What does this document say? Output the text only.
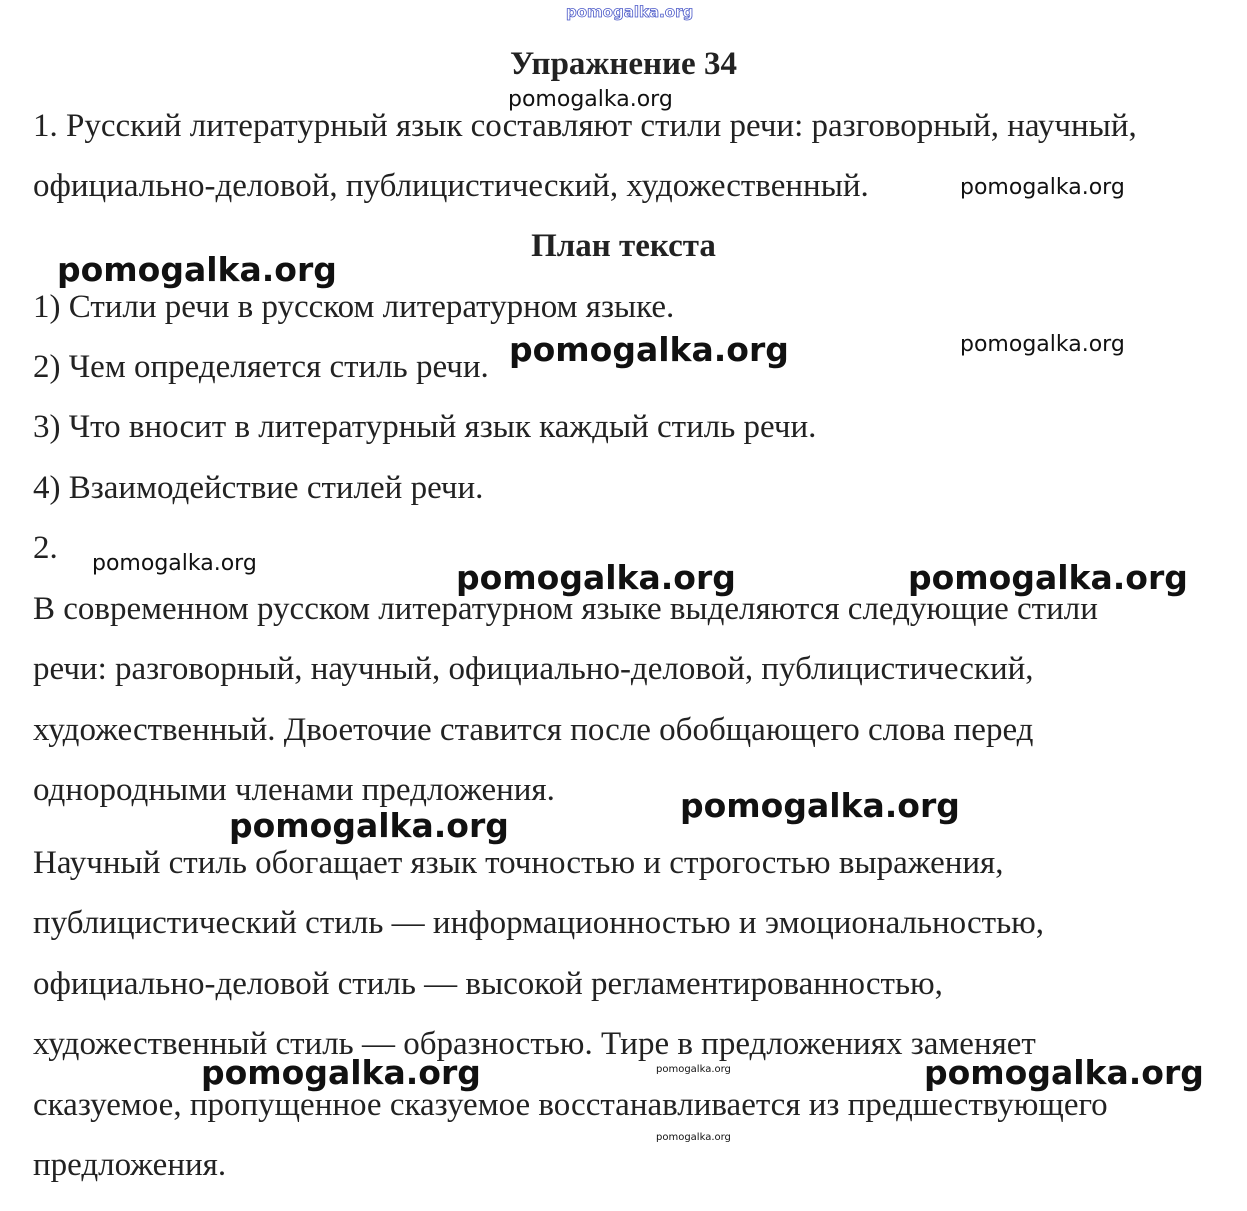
Упражнение 34

1. Русский литературный язык составляют стили речи: разговорный, научный,

официально-деловой, публицистический, художественный.

План текста

1) Стили речи в русском литературном языке.

2) Чем определяется стиль речи.

3) Что вносит в литературный язык каждый стиль речи.

4) Взаимодействие стилей речи.

2.

В современном русском литературном языке выделяются следующие стили

речи: разговорный, научный, официально-деловой, публицистический,

художественный. Двоеточие ставится после обобщающего слова перед

однородными членами предложения.

Научный стиль обогащает язык точностью и строгостью выражения,

публицистический стиль — информационностью и эмоциональностью,

официально-деловой стиль — высокой регламентированностью,

художественный стиль — образностью. Тире в предложениях заменяет

сказуемое, пропущенное сказуемое восстанавливается из предшествующего

предложения.

pomogalka.org
pomogalka.org
pomogalka.org
pomogalka.org
pomogalka.org	pomogalka.org
pomogalka.org	pomogalka.org	pomogalka.org
pomogalka.org
pomogalka.org
pomogalka.org	pomogalka.org	pomogalka.org
pomogalka.org
